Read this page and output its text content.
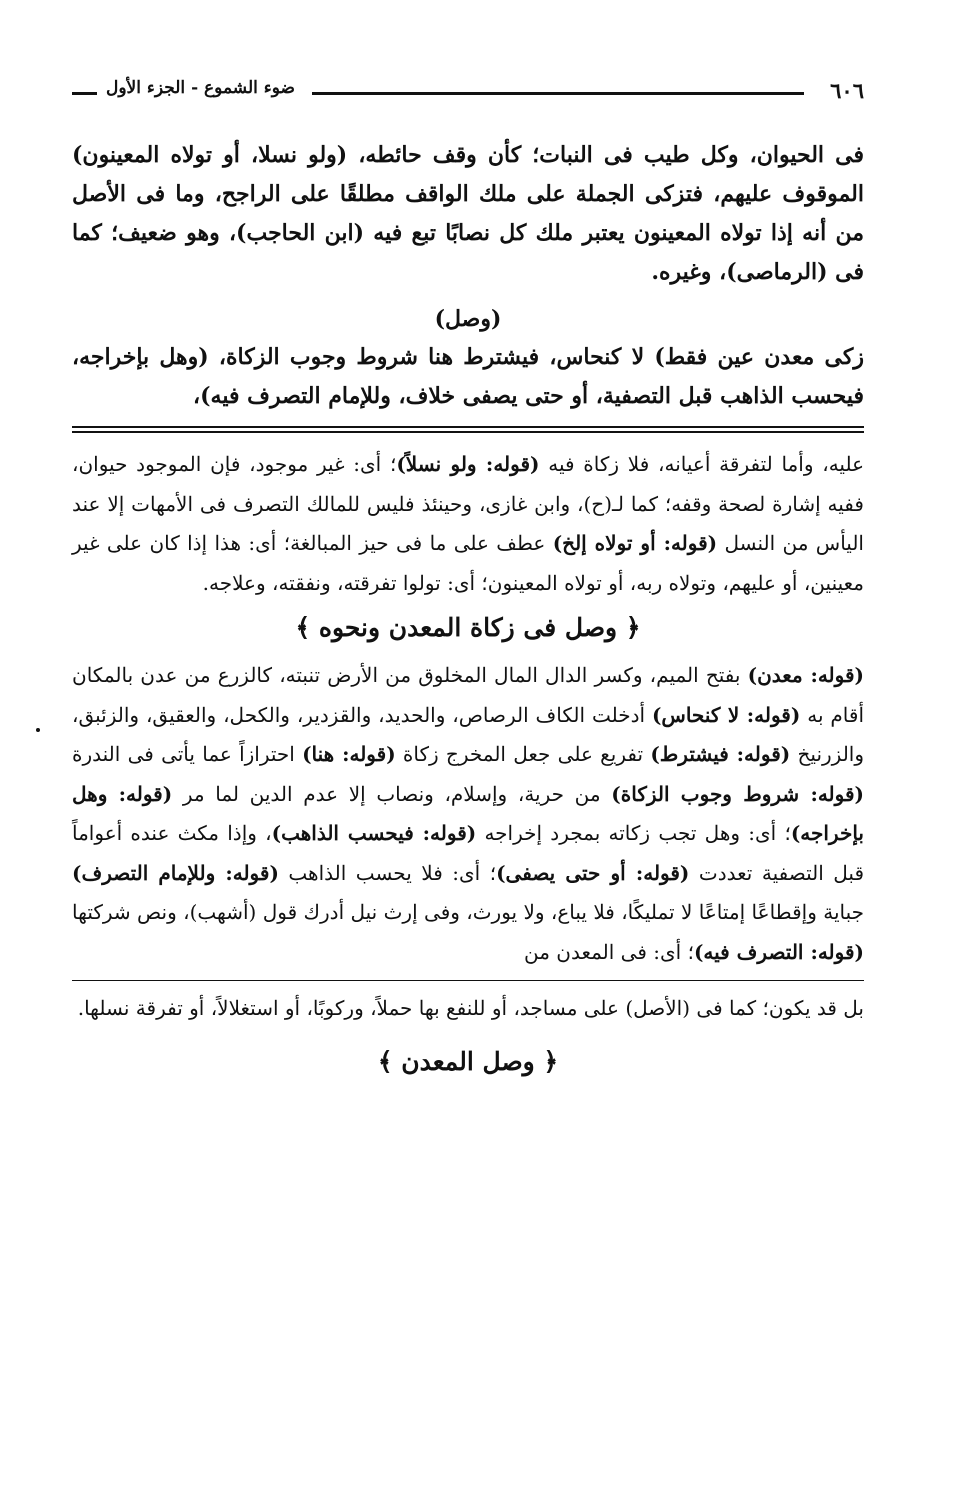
٦٠٦
ضوء الشموع - الجزء الأول

فى الحيوان، وكل طيب فى النبات؛ كأن وقف حائطه، (ولو نسلا، أو تولاه المعينون) الموقوف عليهم، فتزكى الجملة على ملك الواقف مطلقًا على الراجح، وما فى الأصل من أنه إذا تولاه المعينون يعتبر ملك كل نصابًا تبع فيه (ابن الحاجب)، وهو ضعيف؛ كما فى (الرماصى)، وغيره.

(وصل)

زكى معدن عين فقط) لا كنحاس، فيشترط هنا شروط وجوب الزكاة، (وهل بإخراجه، فيحسب الذاهب قبل التصفية، أو حتى يصفى خلاف، وللإمام التصرف فيه)،

عليه، وأما لتفرقة أعيانه، فلا زكاة فيه (قوله: ولو نسلاً)؛ أى: غير موجود، فإن الموجود حيوان، ففيه إشارة لصحة وقفه؛ كما لـ(ح)، وابن غازى، وحينئذ فليس للمالك التصرف فى الأمهات إلا عند اليأس من النسل (قوله: أو تولاه إلخ) عطف على ما فى حيز المبالغة؛ أى: هذا إذا كان على غير معينين، أو عليهم، وتولاه ربه، أو تولاه المعينون؛ أى: تولوا تفرقته، ونفقته، وعلاجه.

﴿ وصل فى زكاة المعدن ونحوه ﴾

(قوله: معدن) بفتح الميم، وكسر الدال المال المخلوق من الأرض تنبته، كالزرع من عدن بالمكان أقام به (قوله: لا كنحاس) أدخلت الكاف الرصاص، والحديد، والقزدير، والكحل، والعقيق، والزئبق، والزرنيخ (قوله: فيشترط) تفريع على جعل المخرج زكاة (قوله: هنا) احترازاً عما يأتى فى الندرة (قوله: شروط وجوب الزكاة) من حرية، وإسلام، ونصاب إلا عدم الدين لما مر (قوله: وهل بإخراجه)؛ أى: وهل تجب زكاته بمجرد إخراجه (قوله: فيحسب الذاهب)، وإذا مكث عنده أعواماً قبل التصفية تعددت (قوله: أو حتى يصفى)؛ أى: فلا يحسب الذاهب (قوله: وللإمام التصرف) جباية وإقطاعًا إمتاعًا لا تمليكًا، فلا يباع، ولا يورث، وفى إرث نيل أدرك قول (أشهب)، ونص شركتها (قوله: التصرف فيه)؛ أى: فى المعدن من

بل قد يكون؛ كما فى (الأصل) على مساجد، أو للنفع بها حملاً، وركوبًا، أو استغلالاً، أو تفرقة نسلها.

﴿ وصل المعدن ﴾
